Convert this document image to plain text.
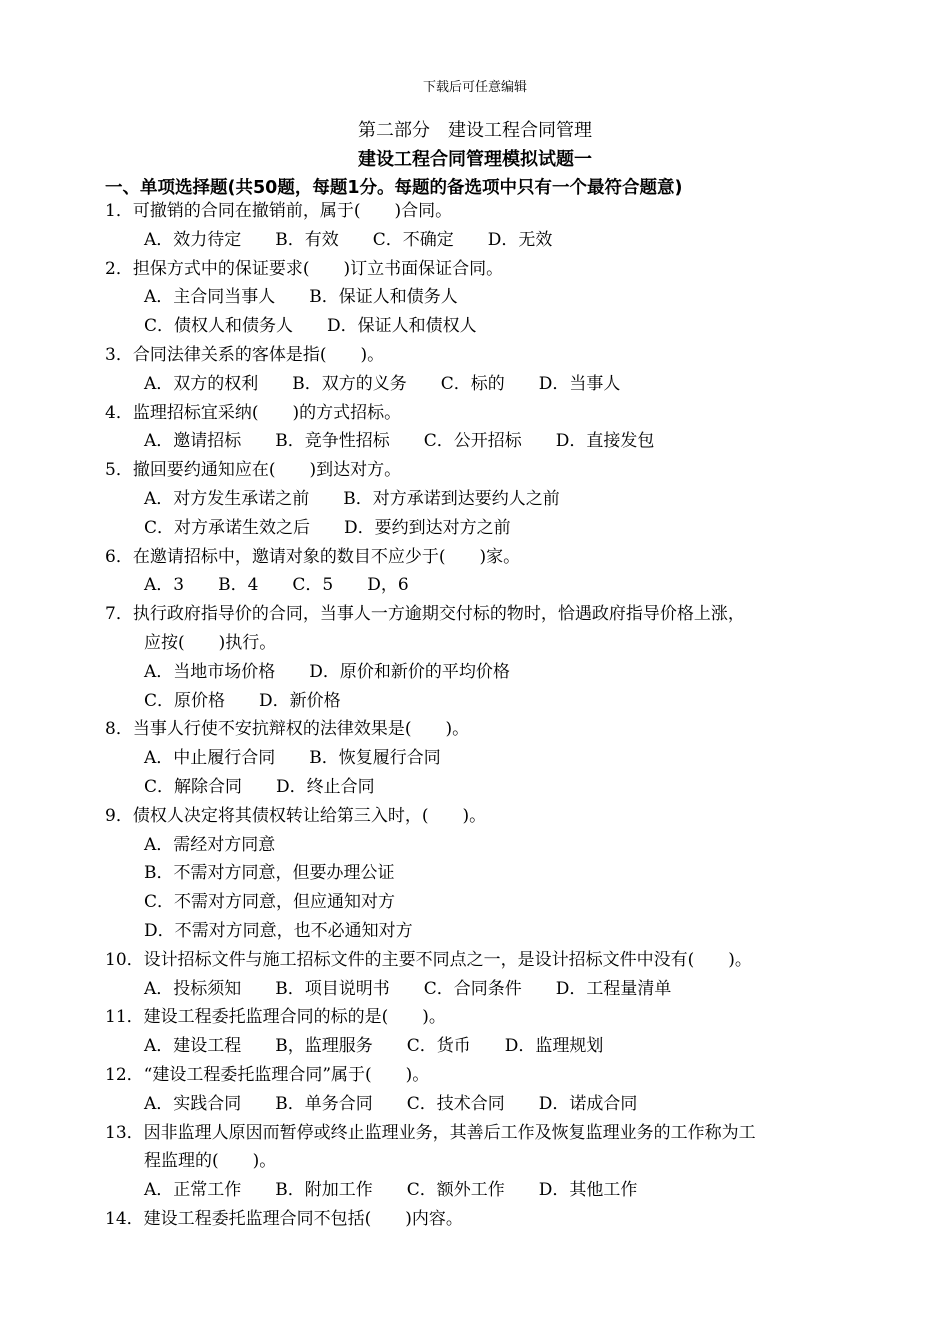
下载后可任意编辑
第二部分　建设工程合同管理
建设工程合同管理模拟试题一
一、单项选择题(共50题，每题1分。每题的备选项中只有一个最符合题意)
1．可撤销的合同在撤销前，属于(　　)合同。
A．效力待定　　B．有效　　C．不确定　　D．无效
2．担保方式中的保证要求(　　)订立书面保证合同。
A．主合同当事人　　B．保证人和债务人
C．债权人和债务人　　D．保证人和债权人
3．合同法律关系的客体是指(　　)。
A．双方的权利　　B．双方的义务　　C．标的　　D．当事人
4．监理招标宜采纳(　　)的方式招标。
A．邀请招标　　B．竞争性招标　　C．公开招标　　D．直接发包
5．撤回要约通知应在(　　)到达对方。
A．对方发生承诺之前　　B．对方承诺到达要约人之前
C．对方承诺生效之后　　D．要约到达对方之前
6．在邀请招标中，邀请对象的数目不应少于(　　)家。
A．3　　B．4　　C．5　　D，6
7．执行政府指导价的合同，当事人一方逾期交付标的物时，恰遇政府指导价格上涨，
应按(　　)执行。
A．当地市场价格　　D．原价和新价的平均价格
C．原价格　　D．新价格
8．当事人行使不安抗辩权的法律效果是(　　)。
A．中止履行合同　　B．恢复履行合同
C．解除合同　　D．终止合同
9．债权人决定将其债权转让给第三入时，(　　)。
A．需经对方同意
B．不需对方同意，但要办理公证
C．不需对方同意，但应通知对方
D．不需对方同意，也不必通知对方
10．设计招标文件与施工招标文件的主要不同点之一，是设计招标文件中没有(　　)。
A．投标须知　　B．项目说明书　　C．合同条件　　D．工程量清单
11．建设工程委托监理合同的标的是(　　)。
A．建设工程　　B，监理服务　　C．货币　　D．监理规划
12．“建设工程委托监理合同”属于(　　)。
A．实践合同　　B．单务合同　　C．技术合同　　D．诺成合同
13．因非监理人原因而暂停或终止监理业务，其善后工作及恢复监理业务的工作称为工
程监理的(　　)。
A．正常工作　　B．附加工作　　C．额外工作　　D．其他工作
14．建设工程委托监理合同不包括(　　)内容。
